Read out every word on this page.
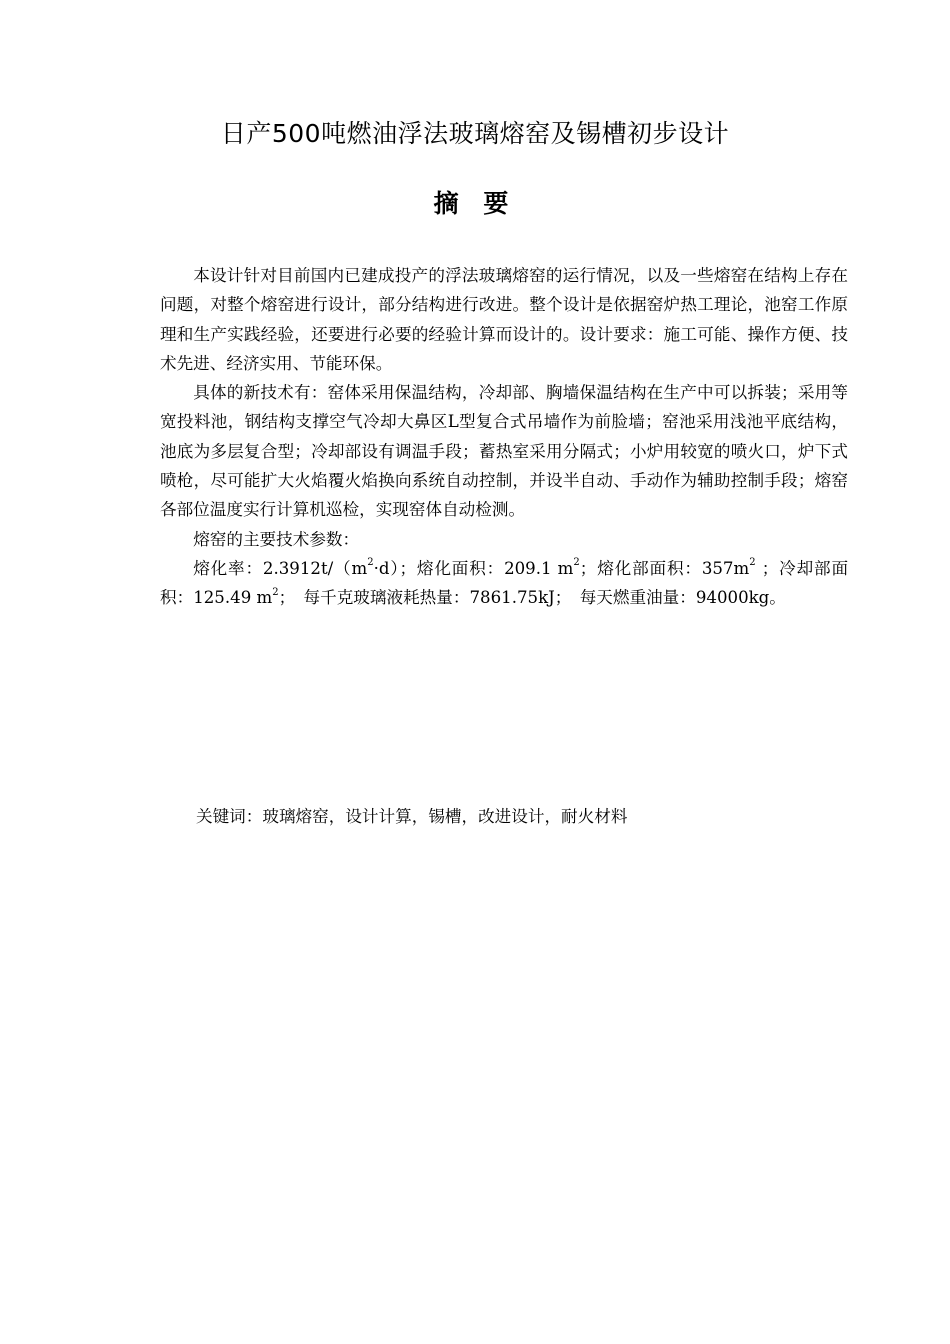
日产500吨燃油浮法玻璃熔窑及锡槽初步设计
摘 要

本设计针对目前国内已建成投产的浮法玻璃熔窑的运行情况，以及一些熔窑在结构上存在问题，对整个熔窑进行设计，部分结构进行改进。整个设计是依据窑炉热工理论，池窑工作原理和生产实践经验，还要进行必要的经验计算而设计的。设计要求：施工可能、操作方便、技术先进、经济实用、节能环保。

具体的新技术有：窑体采用保温结构，冷却部、胸墙保温结构在生产中可以拆装；采用等宽投料池，钢结构支撑空气冷却大鼻区L型复合式吊墙作为前脸墙；窑池采用浅池平底结构，池底为多层复合型；冷却部设有调温手段；蓄热室采用分隔式；小炉用较宽的喷火口，炉下式喷枪，尽可能扩大火焰覆火焰换向系统自动控制，并设半自动、手动作为辅助控制手段；熔窑各部位温度实行计算机巡检，实现窑体自动检测。

熔窑的主要技术参数：

熔化率：$2.3912t/(m^2\cdot d)$；熔化面积：209.1 $m^2$；熔化部面积：$357m^2$ ；冷却部面积：125.49 $m^2$；　 每千克玻璃液耗热量：7861.75kJ；　 每天燃重油量：94000kg。

关键词：玻璃熔窑，设计计算，锡槽，改进设计，耐火材料
